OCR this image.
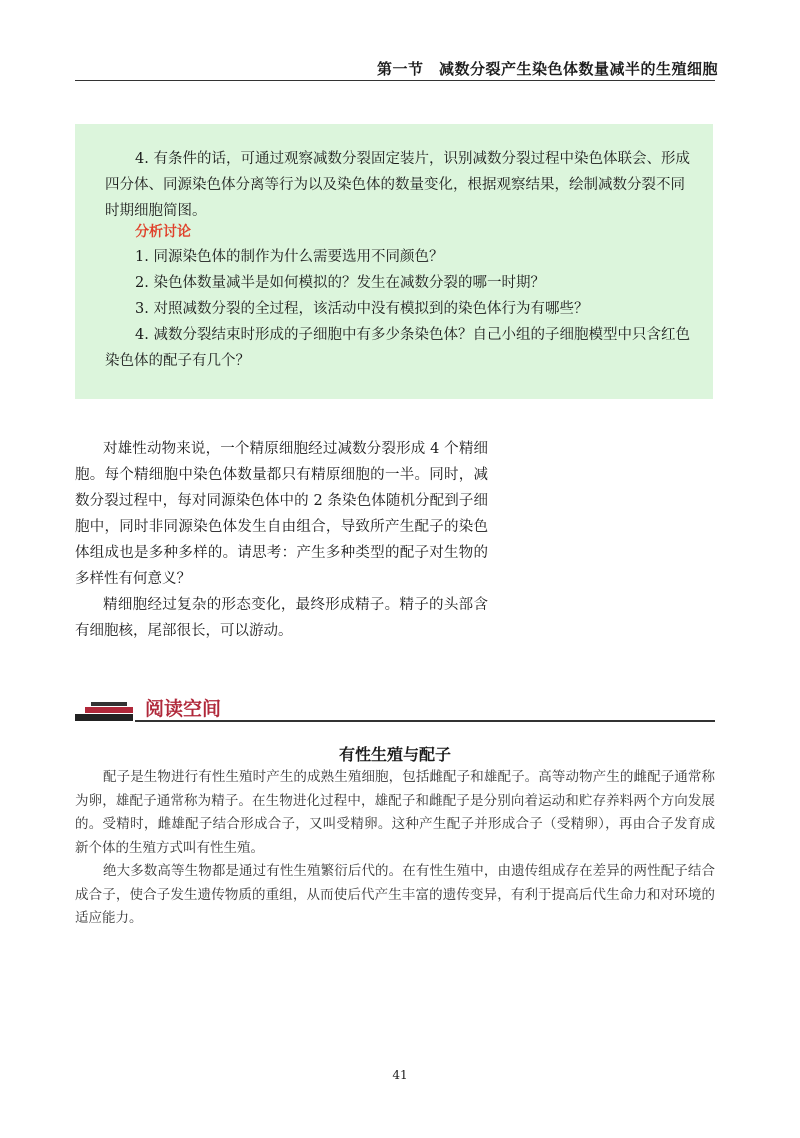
第一节　减数分裂产生染色体数量减半的生殖细胞

4. 有条件的话，可通过观察减数分裂固定装片，识别减数分裂过程中染色体联会、形成四分体、同源染色体分离等行为以及染色体的数量变化，根据观察结果，绘制减数分裂不同时期细胞简图。

分析讨论

1. 同源染色体的制作为什么需要选用不同颜色？

2. 染色体数量减半是如何模拟的？发生在减数分裂的哪一时期？

3. 对照减数分裂的全过程，该活动中没有模拟到的染色体行为有哪些？

4. 减数分裂结束时形成的子细胞中有多少条染色体？自己小组的子细胞模型中只含红色染色体的配子有几个？

对雄性动物来说，一个精原细胞经过减数分裂形成 4 个精细胞。每个精细胞中染色体数量都只有精原细胞的一半。同时，减数分裂过程中，每对同源染色体中的 2 条染色体随机分配到子细胞中，同时非同源染色体发生自由组合，导致所产生配子的染色体组成也是多种多样的。请思考：产生多种类型的配子对生物的多样性有何意义？

精细胞经过复杂的形态变化，最终形成精子。精子的头部含有细胞核，尾部很长，可以游动。

阅读空间
有性生殖与配子

配子是生物进行有性生殖时产生的成熟生殖细胞，包括雌配子和雄配子。高等动物产生的雌配子通常称为卵，雄配子通常称为精子。在生物进化过程中，雄配子和雌配子是分别向着运动和贮存养料两个方向发展的。受精时，雌雄配子结合形成合子，又叫受精卵。这种产生配子并形成合子（受精卵），再由合子发育成新个体的生殖方式叫有性生殖。

绝大多数高等生物都是通过有性生殖繁衍后代的。在有性生殖中，由遗传组成存在差异的两性配子结合成合子，使合子发生遗传物质的重组，从而使后代产生丰富的遗传变异，有利于提高后代生命力和对环境的适应能力。

41
